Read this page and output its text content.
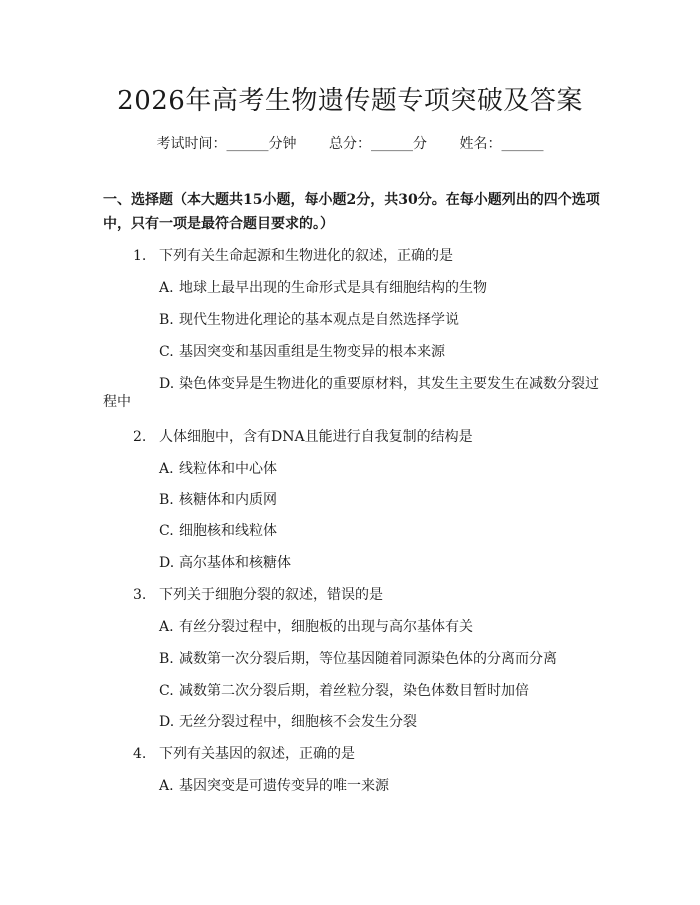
2026年高考生物遗传题专项突破及答案
考试时间：______分钟 总分：______分 姓名：______
一、选择题（本大题共15小题，每小题2分，共30分。在每小题列出的四个选项中，只有一项是最符合题目要求的。）
1. 下列有关生命起源和生物进化的叙述，正确的是
A. 地球上最早出现的生命形式是具有细胞结构的生物
B. 现代生物进化理论的基本观点是自然选择学说
C. 基因突变和基因重组是生物变异的根本来源
D. 染色体变异是生物进化的重要原材料，其发生主要发生在减数分裂过
程中
2. 人体细胞中，含有DNA且能进行自我复制的结构是
A. 线粒体和中心体
B. 核糖体和内质网
C. 细胞核和线粒体
D. 高尔基体和核糖体
3. 下列关于细胞分裂的叙述，错误的是
A. 有丝分裂过程中，细胞板的出现与高尔基体有关
B. 减数第一次分裂后期，等位基因随着同源染色体的分离而分离
C. 减数第二次分裂后期，着丝粒分裂，染色体数目暂时加倍
D. 无丝分裂过程中，细胞核不会发生分裂
4. 下列有关基因的叙述，正确的是
A. 基因突变是可遗传变异的唯一来源
